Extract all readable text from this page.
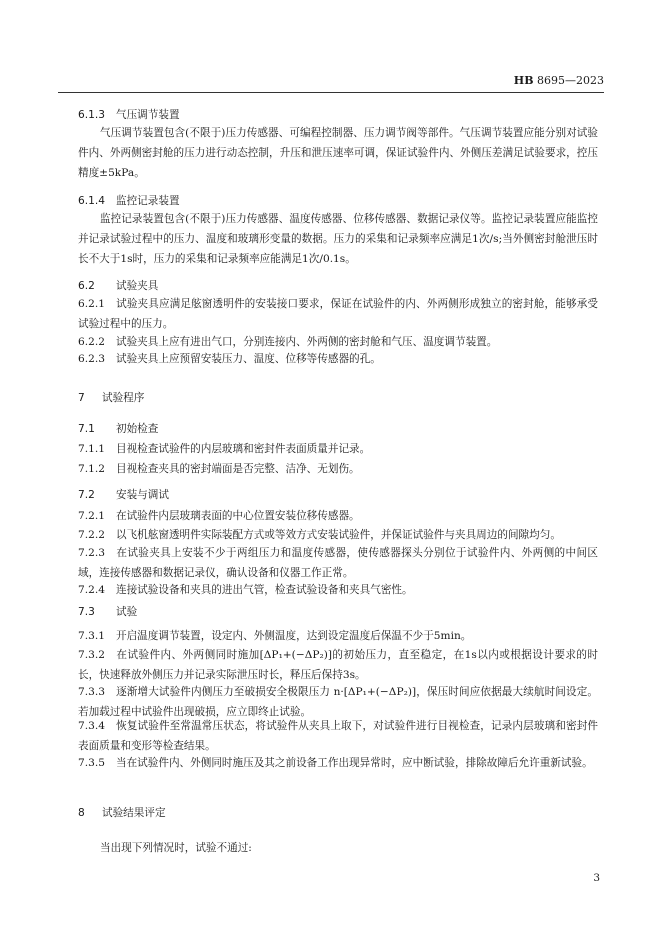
HB 8695—2023
6.1.3 气压调节装置
气压调节装置包含(不限于)压力传感器、可编程控制器、压力调节阀等部件。气压调节装置应能分别对试验件内、外两侧密封舱的压力进行动态控制，升压和泄压速率可调，保证试验件内、外侧压差满足试验要求，控压精度±5kPa。
6.1.4 监控记录装置
监控记录装置包含(不限于)压力传感器、温度传感器、位移传感器、数据记录仪等。监控记录装置应能监控并记录试验过程中的压力、温度和玻璃形变量的数据。压力的采集和记录频率应满足1次/s;当外侧密封舱泄压时长不大于1s时，压力的采集和记录频率应能满足1次/0.1s。
6.2 试验夹具
6.2.1 试验夹具应满足舷窗透明件的安装接口要求，保证在试验件的内、外两侧形成独立的密封舱，能够承受试验过程中的压力。
6.2.2 试验夹具上应有进出气口，分别连接内、外两侧的密封舱和气压、温度调节装置。
6.2.3 试验夹具上应预留安装压力、温度、位移等传感器的孔。
7 试验程序
7.1 初始检查
7.1.1 目视检查试验件的内层玻璃和密封件表面质量并记录。
7.1.2 目视检查夹具的密封端面是否完整、洁净、无划伤。
7.2 安装与调试
7.2.1 在试验件内层玻璃表面的中心位置安装位移传感器。
7.2.2 以飞机舷窗透明件实际装配方式或等效方式安装试验件，并保证试验件与夹具周边的间隙均匀。
7.2.3 在试验夹具上安装不少于两组压力和温度传感器，使传感器探头分别位于试验件内、外两侧的中间区域，连接传感器和数据记录仪，确认设备和仪器工作正常。
7.2.4 连接试验设备和夹具的进出气管，检查试验设备和夹具气密性。
7.3 试验
7.3.1 开启温度调节装置，设定内、外侧温度，达到设定温度后保温不少于5min。
7.3.2 在试验件内、外两侧同时施加[ΔP₁+(−ΔP₂)]的初始压力，直至稳定，在1s以内或根据设计要求的时长，快速释放外侧压力并记录实际泄压时长，释压后保持3s。
7.3.3 逐渐增大试验件内侧压力至破损安全极限压力 n·[ΔP₁+(−ΔP₂)]，保压时间应依据最大续航时间设定。若加载过程中试验件出现破损，应立即终止试验。
7.3.4 恢复试验件至常温常压状态，将试验件从夹具上取下，对试验件进行目视检查，记录内层玻璃和密封件表面质量和变形等检查结果。
7.3.5 当在试验件内、外侧同时施压及其之前设备工作出现异常时，应中断试验，排除故障后允许重新试验。
8 试验结果评定
当出现下列情况时，试验不通过:
3
